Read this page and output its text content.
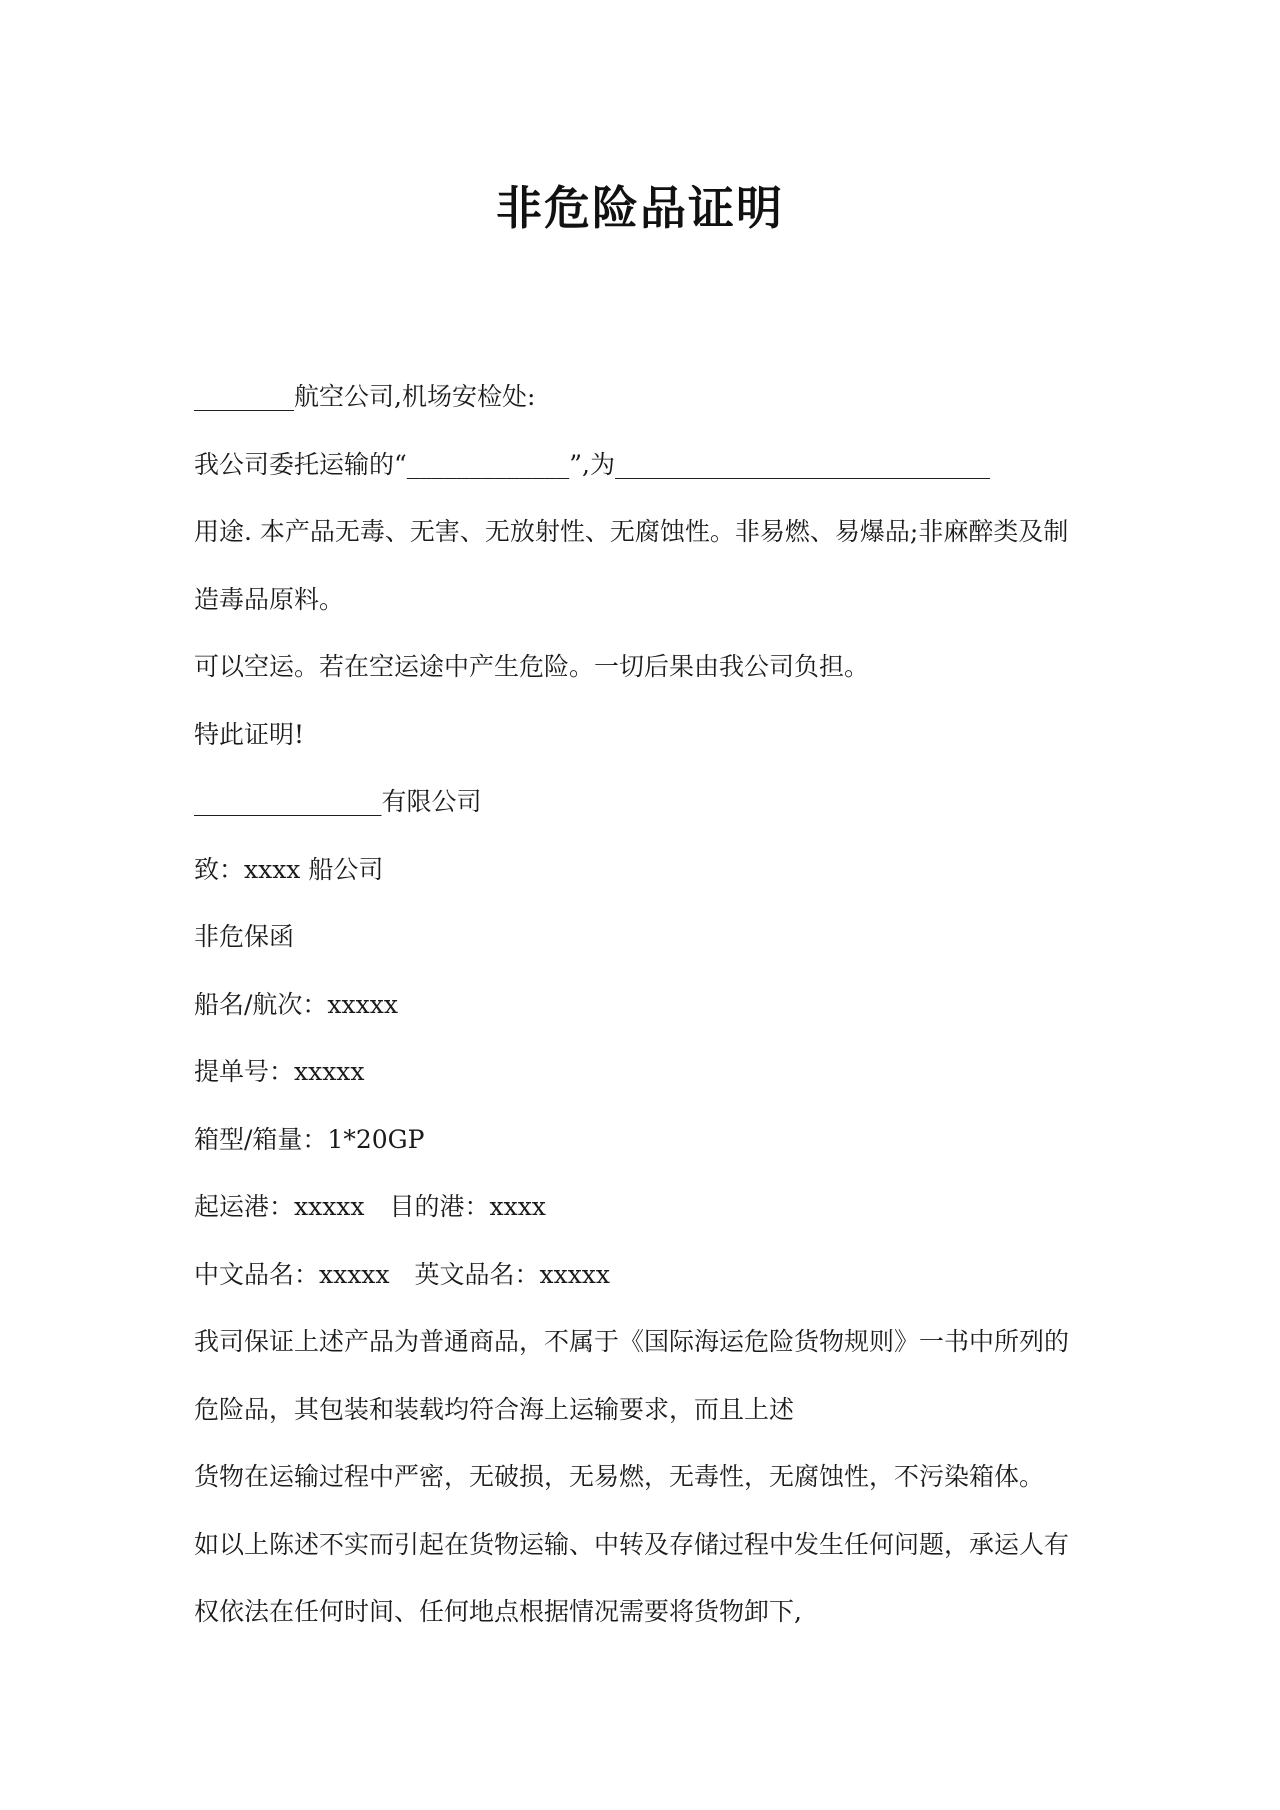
非危险品证明
________航空公司,机场安检处:
我公司委托运输的“_____________”,为______________________________
用途. 本产品无毒、无害、无放射性、无腐蚀性。非易燃、易爆品;非麻醉类及制
造毒品原料。
可以空运。若在空运途中产生危险。一切后果由我公司负担。
特此证明!
_______________有限公司
致：xxxx 船公司
非危保函
船名/航次：xxxxx
提单号：xxxxx
箱型/箱量：1*20GP
起运港：xxxxx　目的港：xxxx
中文品名：xxxxx　英文品名：xxxxx
我司保证上述产品为普通商品，不属于《国际海运危险货物规则》一书中所列的
危险品，其包装和装载均符合海上运输要求，而且上述
货物在运输过程中严密，无破损，无易燃，无毒性，无腐蚀性，不污染箱体。
如以上陈述不实而引起在货物运输、中转及存储过程中发生任何问题，承运人有
权依法在任何时间、任何地点根据情况需要将货物卸下,
